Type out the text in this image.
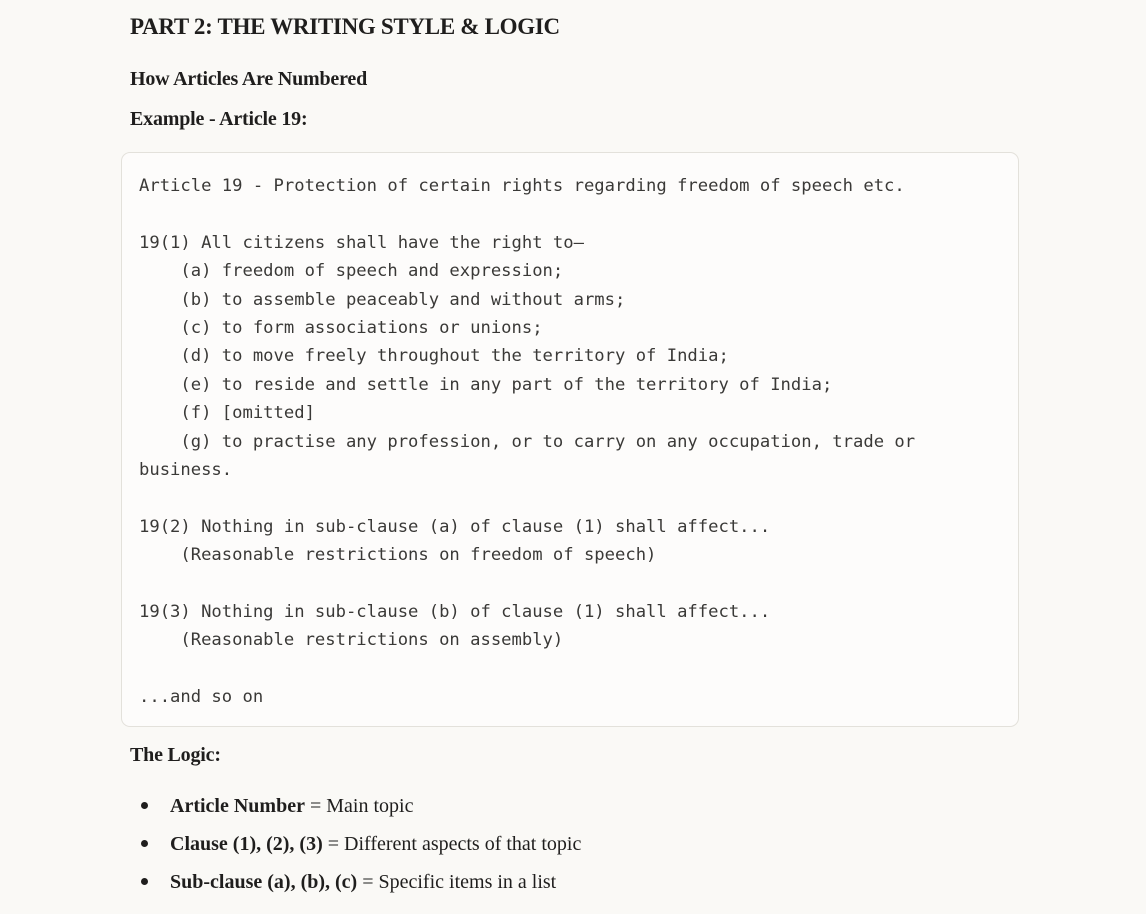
PART 2: THE WRITING STYLE & LOGIC
How Articles Are Numbered
Example - Article 19:
Article 19 - Protection of certain rights regarding freedom of speech etc.
19(1) All citizens shall have the right to—
(a) freedom of speech and expression;
(b) to assemble peaceably and without arms;
(c) to form associations or unions;
(d) to move freely throughout the territory of India;
(e) to reside and settle in any part of the territory of India;
(f) [omitted]
(g) to practise any profession, or to carry on any occupation, trade or
business.
19(2) Nothing in sub-clause (a) of clause (1) shall affect...
(Reasonable restrictions on freedom of speech)
19(3) Nothing in sub-clause (b) of clause (1) shall affect...
(Reasonable restrictions on assembly)
...and so on
The Logic:
Article Number = Main topic
Clause (1), (2), (3) = Different aspects of that topic
Sub-clause (a), (b), (c) = Specific items in a list
